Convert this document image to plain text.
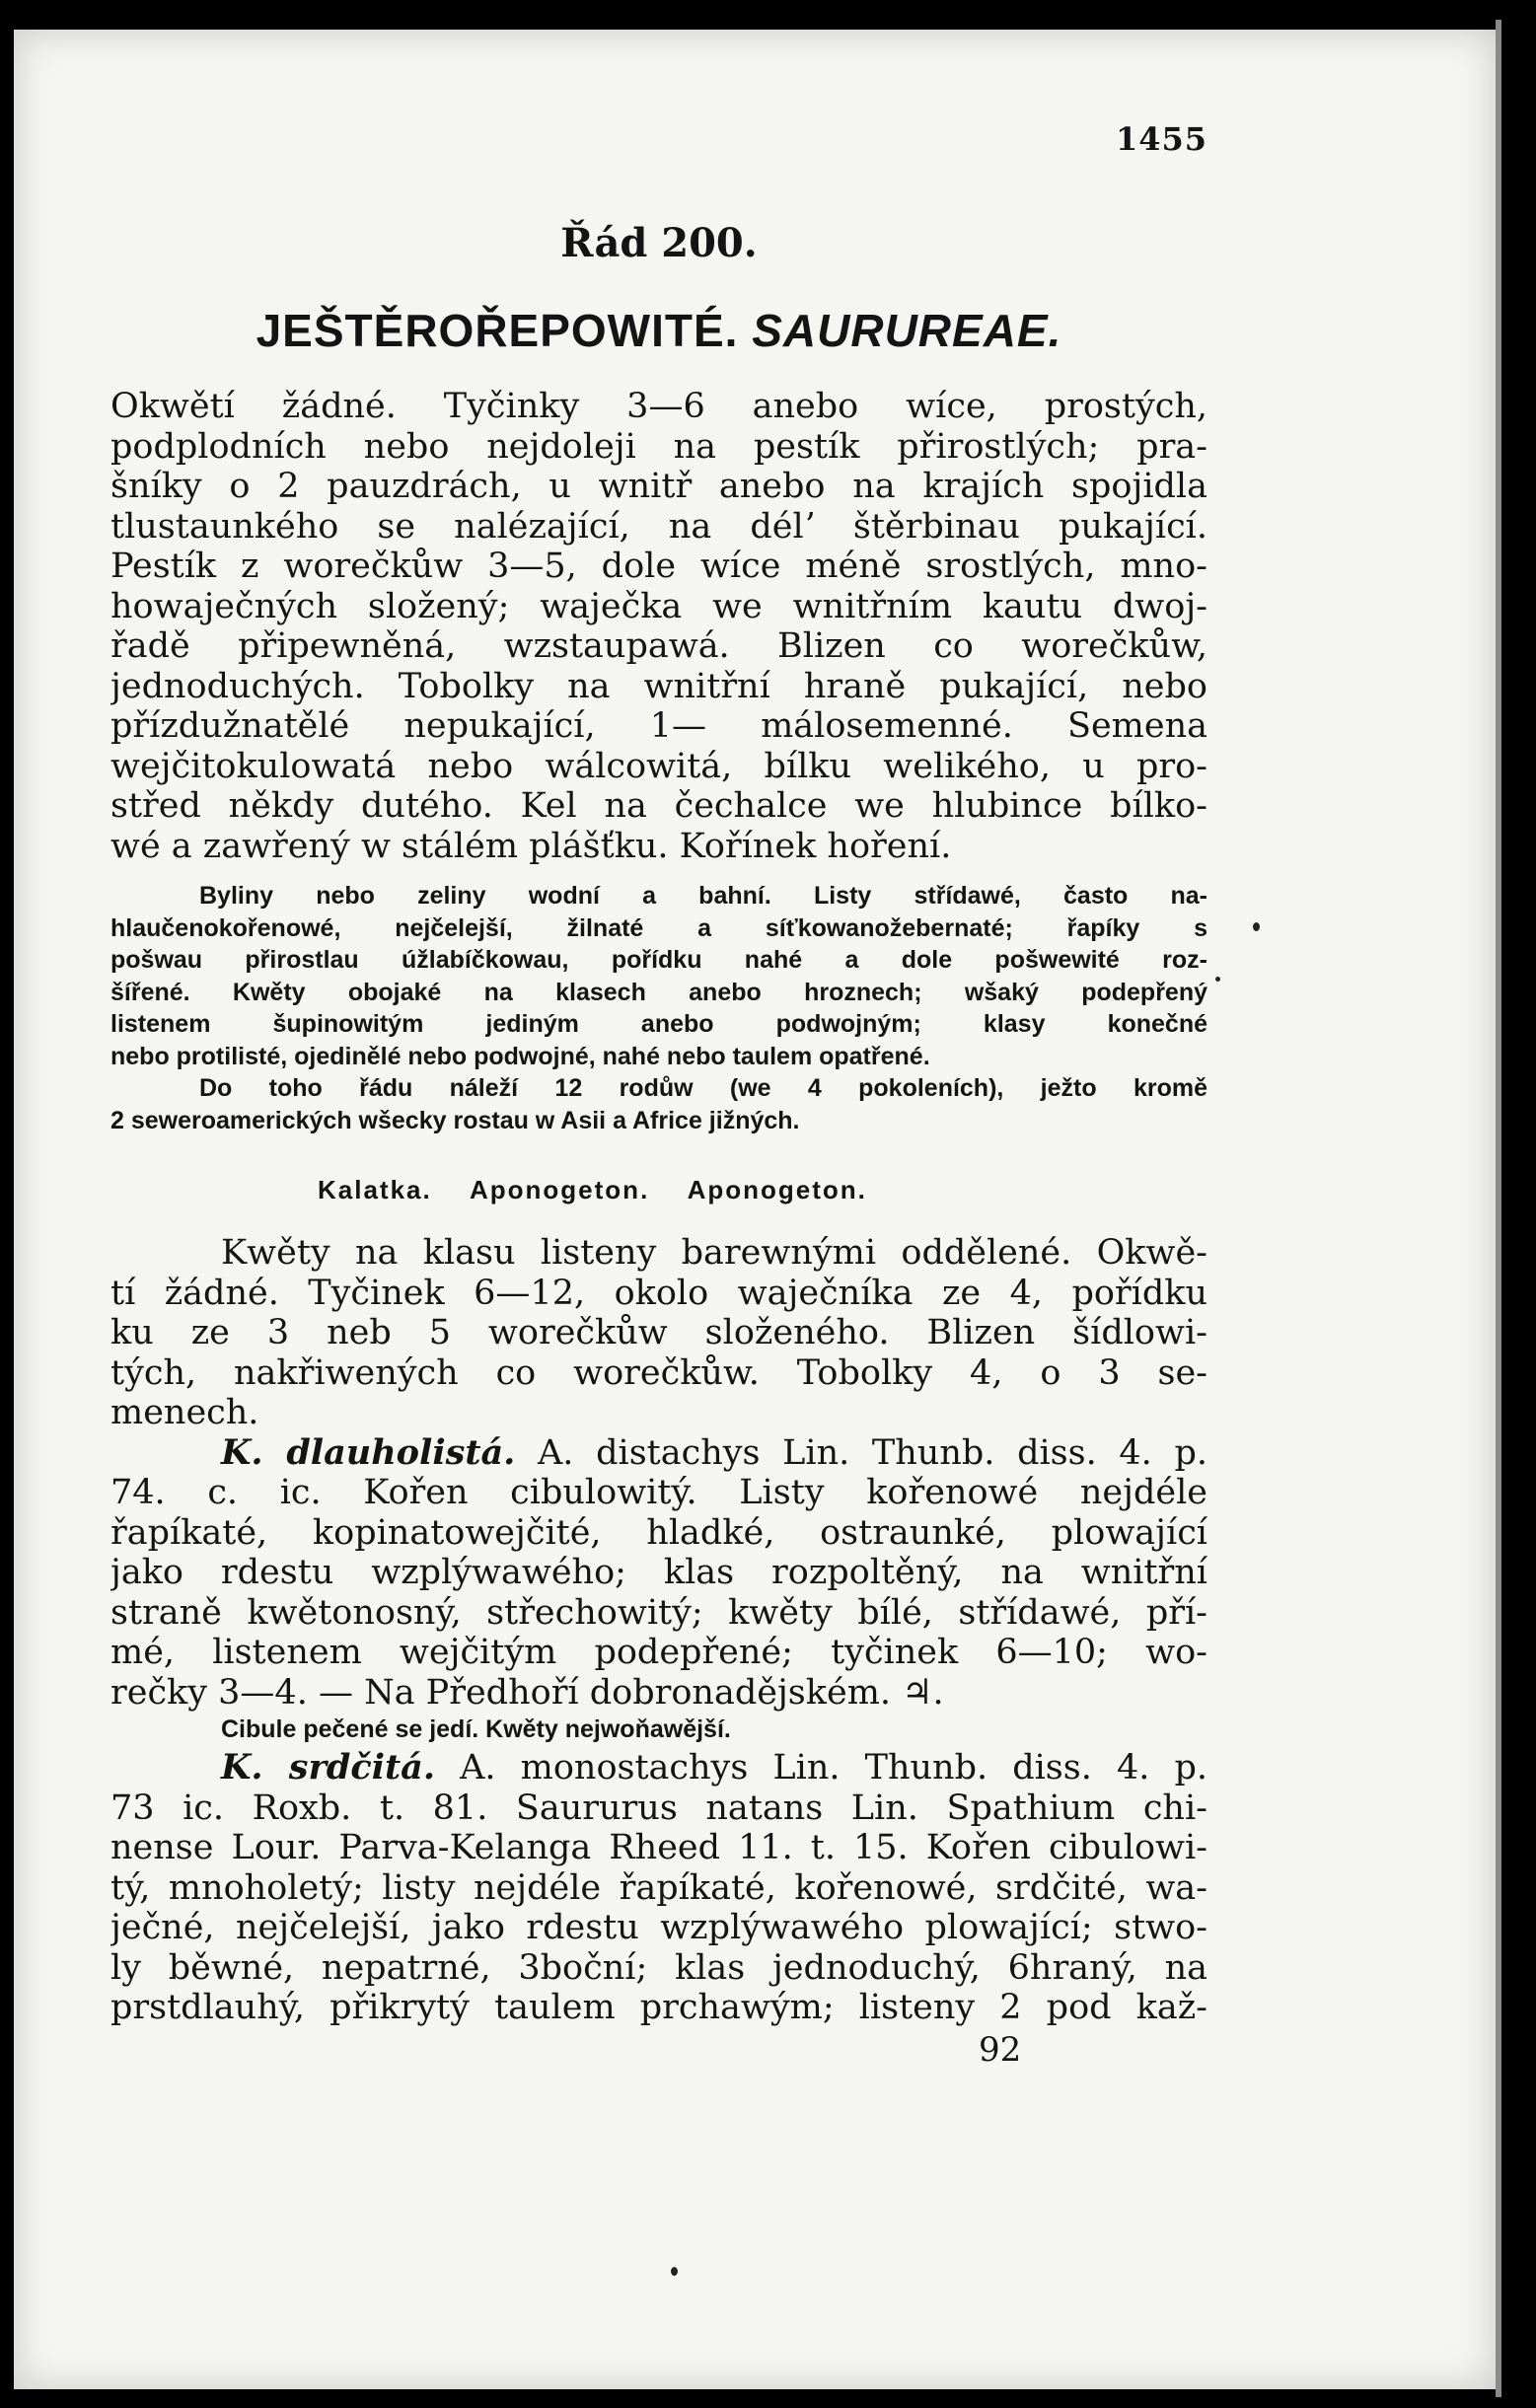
1455
Řád 200.
JEŠTĚROŘEPOWITÉ. SAURUREAE.
Okwětí žádné. Tyčinky 3—6 anebo wíce, prostých,
podplodních nebo nejdoleji na pestík přirostlých; pra-
šníky o 2 pauzdrách, u wnitř anebo na krajích spojidla
tlustaunkého se nalézající, na délʼ štěrbinau pukající.
Pestík z worečkůw 3—5, dole wíce méně srostlých, mno-
howaječných složený; waječka we wnitřním kautu dwoj-
řadě připewněná, wzstaupawá. Blizen co worečkůw,
jednoduchých. Tobolky na wnitřní hraně pukající, nebo
přízdužnatělé nepukající, 1— málosemenné. Semena
wejčitokulowatá nebo wálcowitá, bílku welikého, u pro-
střed někdy dutého. Kel na čechalce we hlubince bílko-
wé a zawřený w stálém plášťku. Kořínek hoření.
Byliny nebo zeliny wodní a bahní. Listy střídawé, často na-
hlaučenokořenowé, nejčelejší, žilnaté a síťkowanožebernaté; řapíky s
pošwau přirostlau úžlabíčkowau, pořídku nahé a dole pošwewité roz-
šířené. Kwěty obojaké na klasech anebo hroznech; wšaký podepřený
listenem šupinowitým jediným anebo podwojným; klasy konečné
nebo protilisté, ojedinělé nebo podwojné, nahé nebo taulem opatřené.
Do toho řádu náleží 12 rodůw (we 4 pokoleních), ježto kromě
2 seweroamerických wšecky rostau w Asii a Africe jižných.
Kalatka. Aponogeton. Aponogeton.
Kwěty na klasu listeny barewnými oddělené. Okwě-
tí žádné. Tyčinek 6—12, okolo waječníka ze 4, pořídku
ku ze 3 neb 5 worečkůw složeného. Blizen šídlowi-
tých, nakřiwených co worečkůw. Tobolky 4, o 3 se-
menech.
K. dlauholistá. A. distachys Lin. Thunb. diss. 4. p.
74. c. ic. Kořen cibulowitý. Listy kořenowé nejdéle
řapíkaté, kopinatowejčité, hladké, ostraunké, plowající
jako rdestu wzplýwawého; klas rozpoltěný, na wnitřní
straně kwětonosný, střechowitý; kwěty bílé, střídawé, pří-
mé, listenem wejčitým podepřené; tyčinek 6—10; wo-
rečky 3—4. — Na Předhoří dobronadějském. ♃.
Cibule pečené se jedí. Kwěty nejwoňawější.
K. srdčitá. A. monostachys Lin. Thunb. diss. 4. p.
73 ic. Roxb. t. 81. Saururus natans Lin. Spathium chi-
nense Lour. Parva-Kelanga Rheed 11. t. 15. Kořen cibulowi-
tý, mnoholetý; listy nejdéle řapíkaté, kořenowé, srdčité, wa-
ječné, nejčelejší, jako rdestu wzplýwawého plowající; stwo-
ly běwné, nepatrné, 3boční; klas jednoduchý, 6hraný, na
prstdlauhý, přikrytý taulem prchawým; listeny 2 pod kaž-
92
